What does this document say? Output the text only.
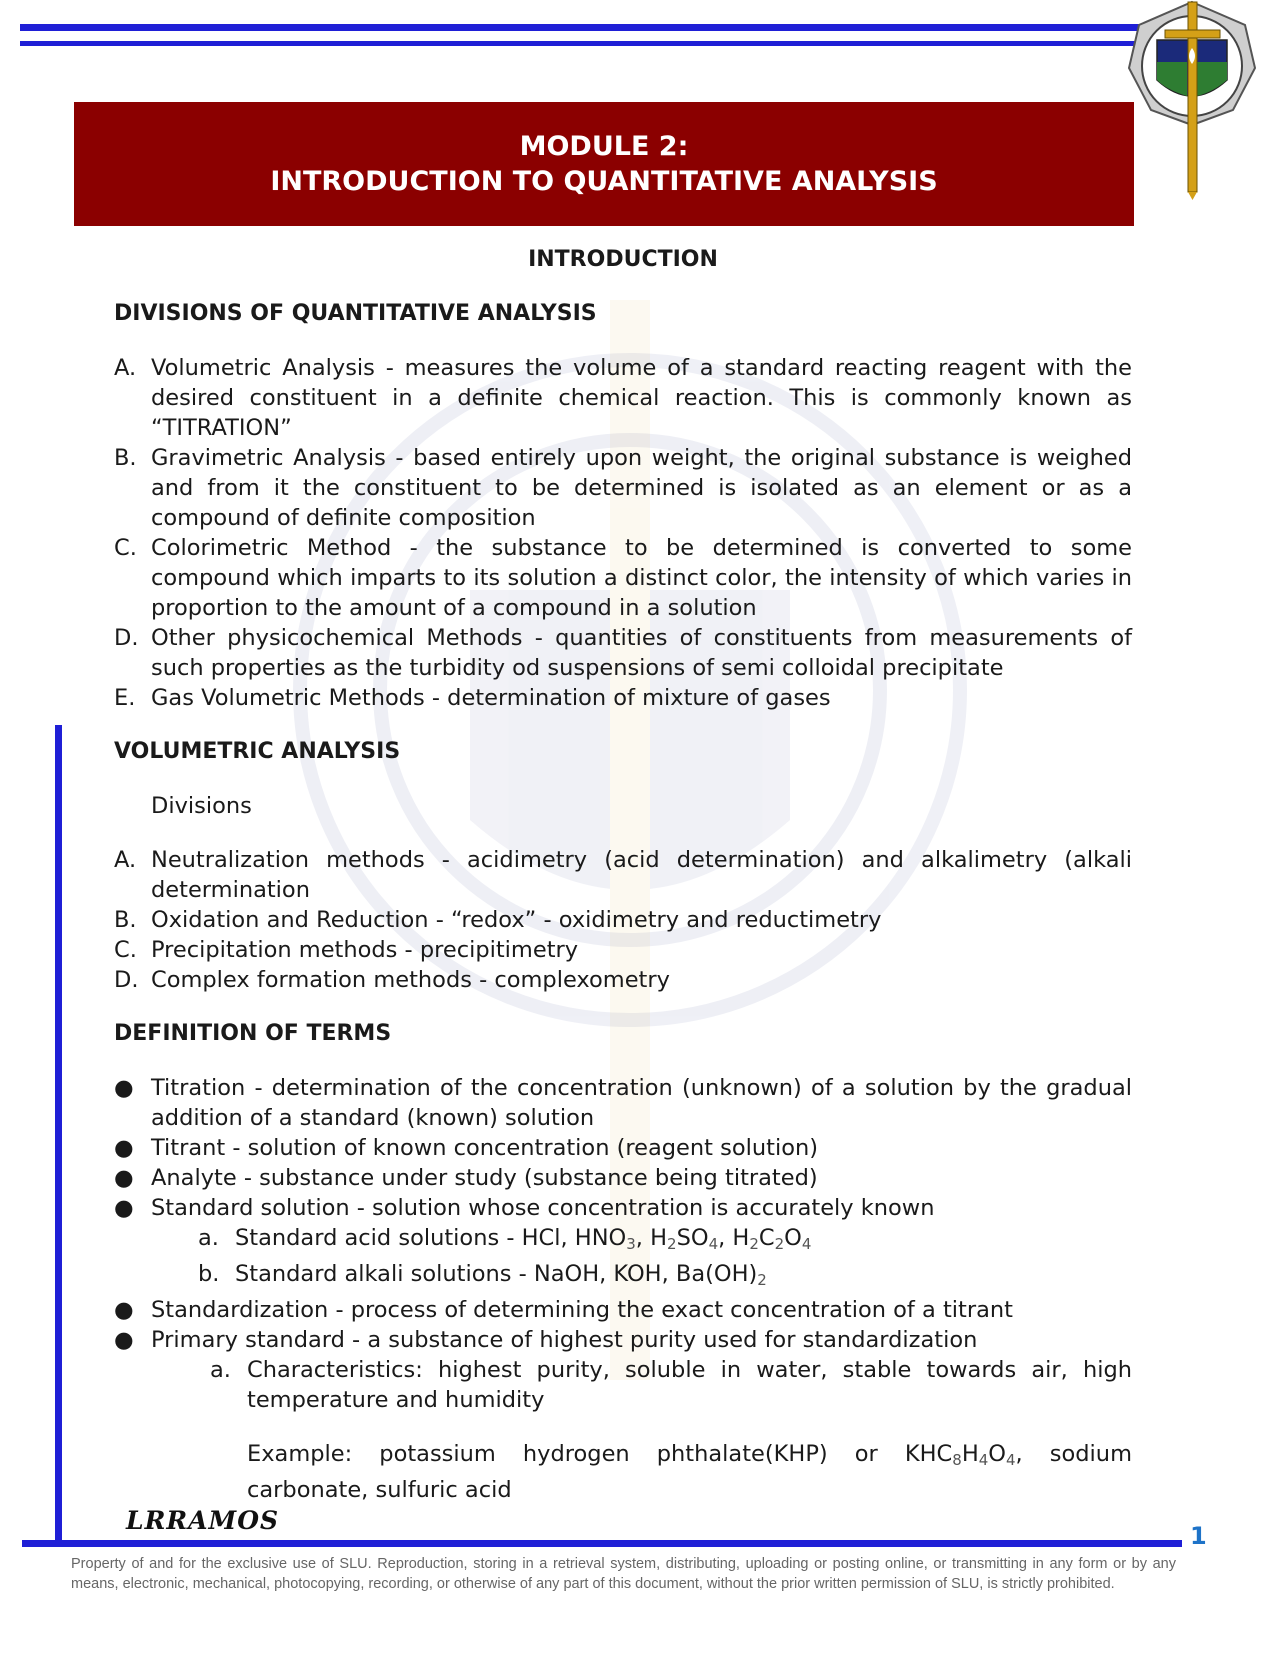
MODULE 2:
INTRODUCTION TO QUANTITATIVE ANALYSIS
INTRODUCTION
DIVISIONS OF QUANTITATIVE ANALYSIS
A. Volumetric Analysis - measures the volume of a standard reacting reagent with the desired constituent in a definite chemical reaction. This is commonly known as “TITRATION”
B. Gravimetric Analysis - based entirely upon weight, the original substance is weighed and from it the constituent to be determined is isolated as an element or as a compound of definite composition
C. Colorimetric Method - the substance to be determined is converted to some compound which imparts to its solution a distinct color, the intensity of which varies in proportion to the amount of a compound in a solution
D. Other physicochemical Methods - quantities of constituents from measurements of such properties as the turbidity od suspensions of semi colloidal precipitate
E. Gas Volumetric Methods - determination of mixture of gases
VOLUMETRIC ANALYSIS
Divisions
A. Neutralization methods - acidimetry (acid determination) and alkalimetry (alkali determination
B. Oxidation and Reduction - “redox” - oxidimetry and reductimetry
C. Precipitation methods - precipitimetry
D. Complex formation methods - complexometry
DEFINITION OF TERMS
● Titration - determination of the concentration (unknown) of a solution by the gradual addition of a standard (known) solution
● Titrant - solution of known concentration (reagent solution)
● Analyte - substance under study (substance being titrated)
● Standard solution - solution whose concentration is accurately known
a. Standard acid solutions - HCl, HNO3, H2SO4, H2C2O4
b. Standard alkali solutions - NaOH, KOH, Ba(OH)2
● Standardization - process of determining the exact concentration of a titrant
● Primary standard - a substance of highest purity used for standardization
a. Characteristics: highest purity, soluble in water, stable towards air, high temperature and humidity
Example: potassium hydrogen phthalate(KHP) or KHC8H4O4, sodium carbonate, sulfuric acid
LRRAMOS
1
Property of and for the exclusive use of SLU. Reproduction, storing in a retrieval system, distributing, uploading or posting online, or transmitting in any form or by any means, electronic, mechanical, photocopying, recording, or otherwise of any part of this document, without the prior written permission of SLU, is strictly prohibited.
